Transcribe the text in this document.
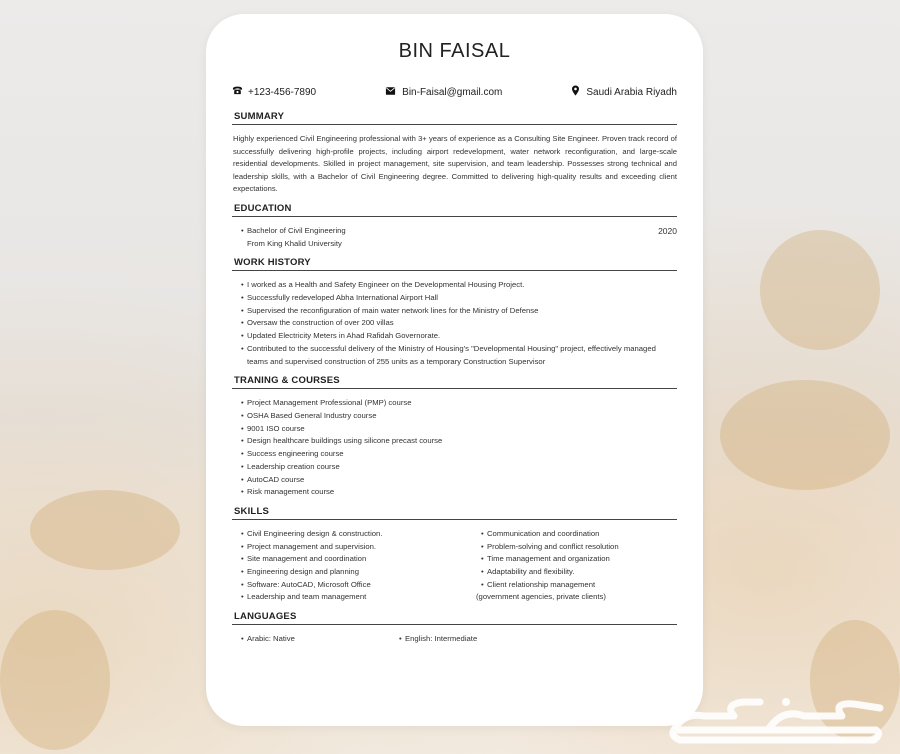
BIN FAISAL
+123-456-7890	Bin-Faisal@gmail.com	Saudi Arabia Riyadh
SUMMARY
Highly experienced Civil Engineering professional with 3+ years of experience as a Consulting Site Engineer. Proven track record of successfully delivering high-profile projects, including airport redevelopment, water network reconfiguration, and large-scale residential developments. Skilled in project management, site supervision, and team leadership. Possesses strong technical and leadership skills, with a Bachelor of Civil Engineering degree. Committed to delivering high-quality results and exceeding client expectations.
EDUCATION
• Bachelor of Civil Engineering	2020
From King Khalid University
WORK HISTORY
• I worked as a Health and Safety Engineer on the Developmental Housing Project.
• Successfully redeveloped Abha International Airport Hall
• Supervised the reconfiguration of main water network lines for the Ministry of Defense
• Oversaw the construction of over 200 villas
• Updated Electricity Meters in Ahad Rafidah Governorate.
• Contributed to the successful delivery of the Ministry of Housing's "Developmental Housing" project, effectively managed teams and supervised construction of 255 units as a temporary Construction Supervisor
TRANING & COURSES
• Project Management Professional (PMP) course
• OSHA Based General Industry course
• 9001 ISO course
• Design healthcare buildings using silicone precast course
• Success engineering course
• Leadership creation course
• AutoCAD course
• Risk management course
SKILLS
• Civil Engineering design & construction.
• Project management and supervision.
• Site management and coordination
• Engineering design and planning
• Software: AutoCAD, Microsoft Office
• Leadership and team management
• Communication and coordination
• Problem-solving and conflict resolution
• Time management and organization
• Adaptability and flexibility.
• Client relationship management
(government agencies, private clients)
LANGUAGES
• Arabic: Native
•	English: Intermediate
